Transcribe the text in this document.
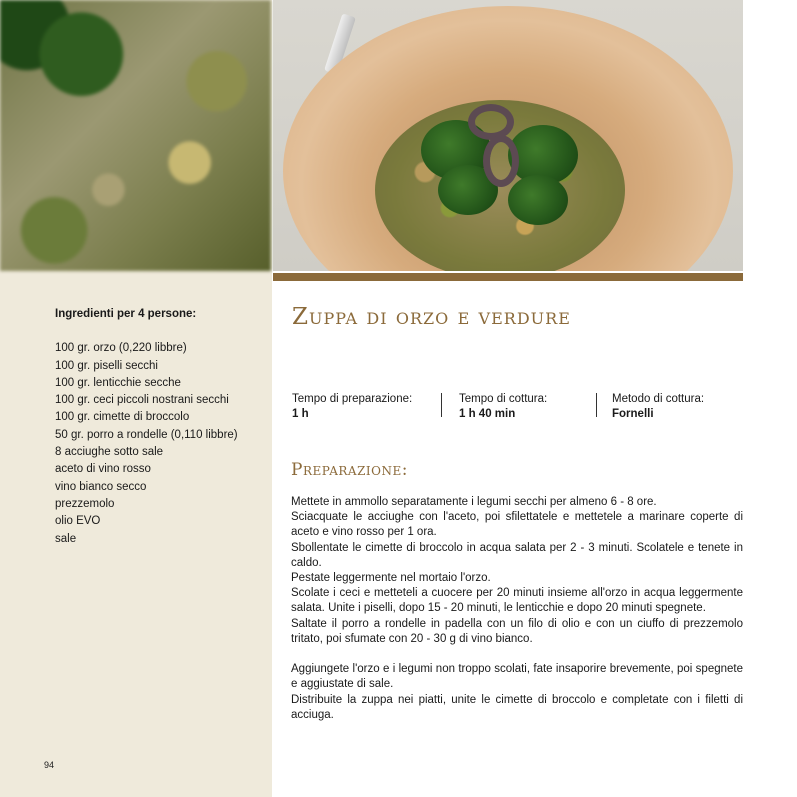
Ingredienti per 4 persone:
100 gr. orzo (0,220 libbre)
100 gr. piselli secchi
100 gr. lenticchie secche
100 gr. ceci piccoli nostrani secchi
100 gr. cimette di broccolo
50 gr. porro a rondelle (0,110 libbre)
8 acciughe sotto sale
aceto di vino rosso
vino bianco secco
prezzemolo
olio EVO
sale
94
Zuppa di orzo e verdure
Tempo di preparazione:
1 h
Tempo di cottura:
1 h 40 min
Metodo di cottura:
Fornelli
Preparazione:

Mettete in ammollo separatamente i legumi secchi per almeno 6 - 8 ore.

Sciacquate le acciughe con l'aceto, poi sfilettatele e mettetele a marinare coperte di aceto e vino rosso per 1 ora.

Sbollentate le cimette di broccolo in acqua salata per 2 - 3 minuti. Scolatele e tenete in caldo.

Pestate leggermente nel mortaio l'orzo.

Scolate i ceci e metteteli a cuocere per 20 minuti insieme all'orzo in acqua leggermente salata. Unite i piselli, dopo 15 - 20 minuti, le lenticchie e dopo 20 minuti spegnete.

Saltate il porro a rondelle in padella con un filo di olio e con un ciuffo di prezzemolo tritato, poi sfumate con 20 - 30 g di vino bianco.

Aggiungete l'orzo e i legumi non troppo scolati, fate insaporire brevemente, poi spegnete e aggiustate di sale.

Distribuite la zuppa nei piatti, unite le cimette di broccolo e completate con i filetti di acciuga.
